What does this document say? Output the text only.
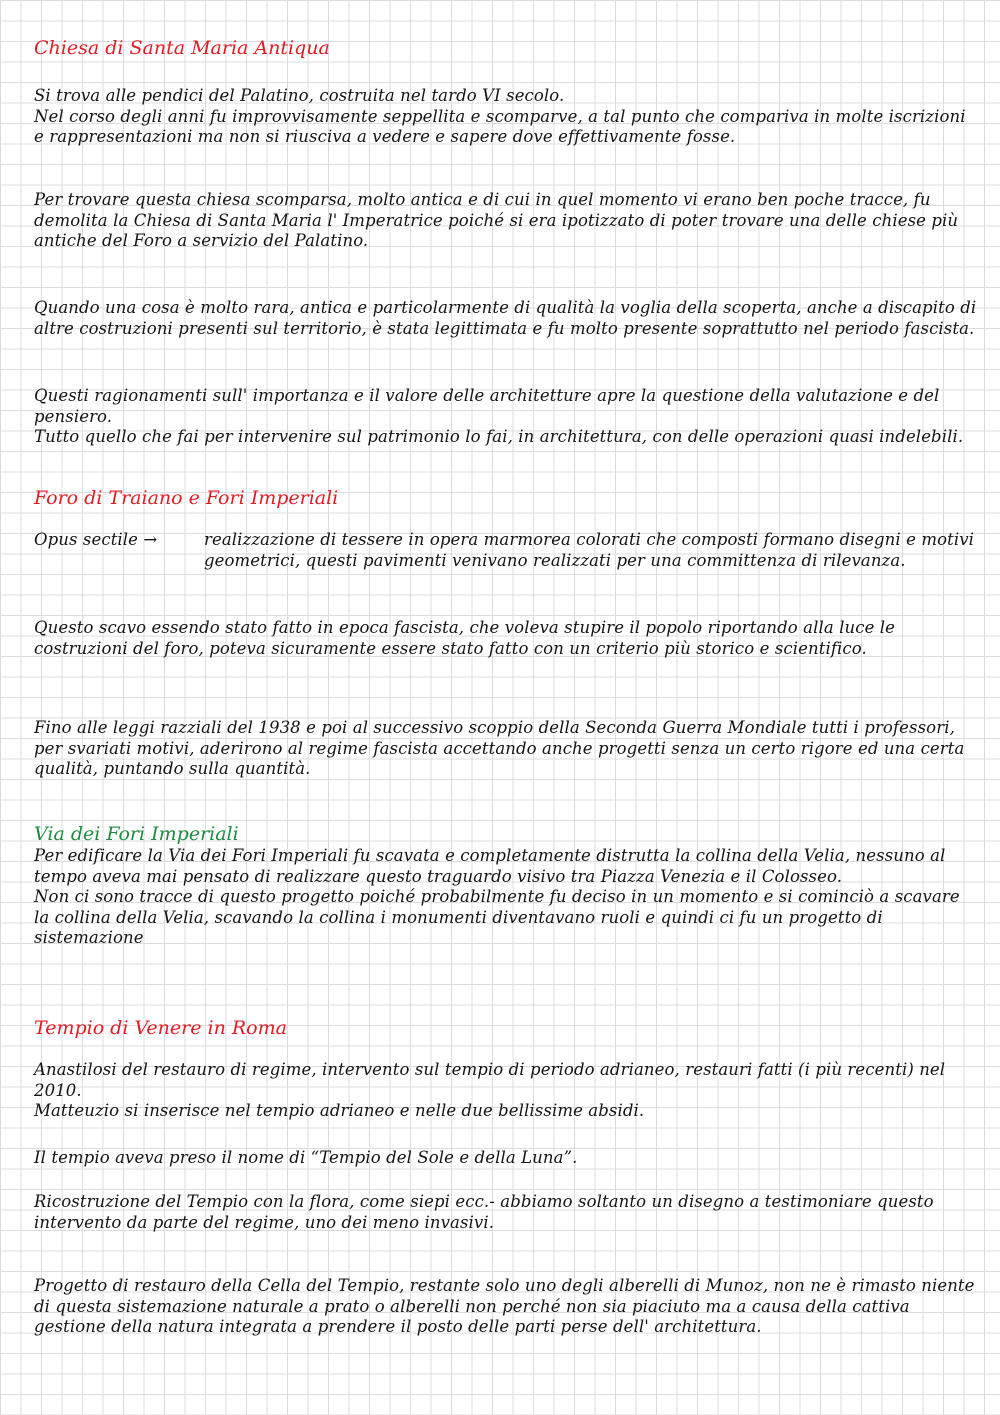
Chiesa di Santa Maria Antiqua

Si trova alle pendici del Palatino, costruita nel tardo VI secolo.

Nel corso degli anni fu improvvisamente seppellita e scomparve, a tal punto che compariva in molte iscrizioni e rappresentazioni ma non si riusciva a vedere e sapere dove effettivamente fosse.

Per trovare questa chiesa scomparsa, molto antica e di cui in quel momento vi erano ben poche tracce, fu demolita la Chiesa di Santa Maria l' Imperatrice poiché si era ipotizzato di poter trovare una delle chiese più antiche del Foro a servizio del Palatino.

Quando una cosa è molto rara, antica e particolarmente di qualità la voglia della scoperta, anche a discapito di altre costruzioni presenti sul territorio, è stata legittimata e fu molto presente soprattutto nel periodo fascista.

Questi ragionamenti sull' importanza e il valore delle architetture apre la questione della valutazione e del pensiero.

Tutto quello che fai per intervenire sul patrimonio lo fai, in architettura, con delle operazioni quasi indelebili.

Foro di Traiano e Fori Imperiali

Opus sectile →	realizzazione di tessere in opera marmorea colorati che composti formano disegni e motivi geometrici, questi pavimenti venivano realizzati per una committenza di rilevanza.

Questo scavo essendo stato fatto in epoca fascista, che voleva stupire il popolo riportando alla luce le costruzioni del foro, poteva sicuramente essere stato fatto con un criterio più storico e scientifico.

Fino alle leggi razziali del 1938 e poi al successivo scoppio della Seconda Guerra Mondiale tutti i professori, per svariati motivi, aderirono al regime fascista accettando anche progetti senza un certo rigore ed una certa qualità, puntando sulla quantità.

Via dei Fori Imperiali

Per edificare la Via dei Fori Imperiali fu scavata e completamente distrutta la collina della Velia, nessuno al tempo aveva mai pensato di realizzare questo traguardo visivo tra Piazza Venezia e il Colosseo.

Non ci sono tracce di questo progetto poiché probabilmente fu deciso in un momento e si cominciò a scavare la collina della Velia, scavando la collina i monumenti diventavano ruoli e quindi ci fu un progetto di sistemazione

Tempio di Venere in Roma

Anastilosi del restauro di regime, intervento sul tempio di periodo adrianeo, restauri fatti (i più recenti) nel 2010.

Matteuzio si inserisce nel tempio adrianeo e nelle due bellissime absidi.

Il tempio aveva preso il nome di “Tempio del Sole e della Luna”.

Ricostruzione del Tempio con la flora, come siepi ecc.- abbiamo soltanto un disegno a testimoniare questo intervento da parte del regime, uno dei meno invasivi.

Progetto di restauro della Cella del Tempio, restante solo uno degli alberelli di Munoz, non ne è rimasto niente di questa sistemazione naturale a prato o alberelli non perché non sia piaciuto ma a causa della cattiva gestione della natura integrata a prendere il posto delle parti perse dell' architettura.
